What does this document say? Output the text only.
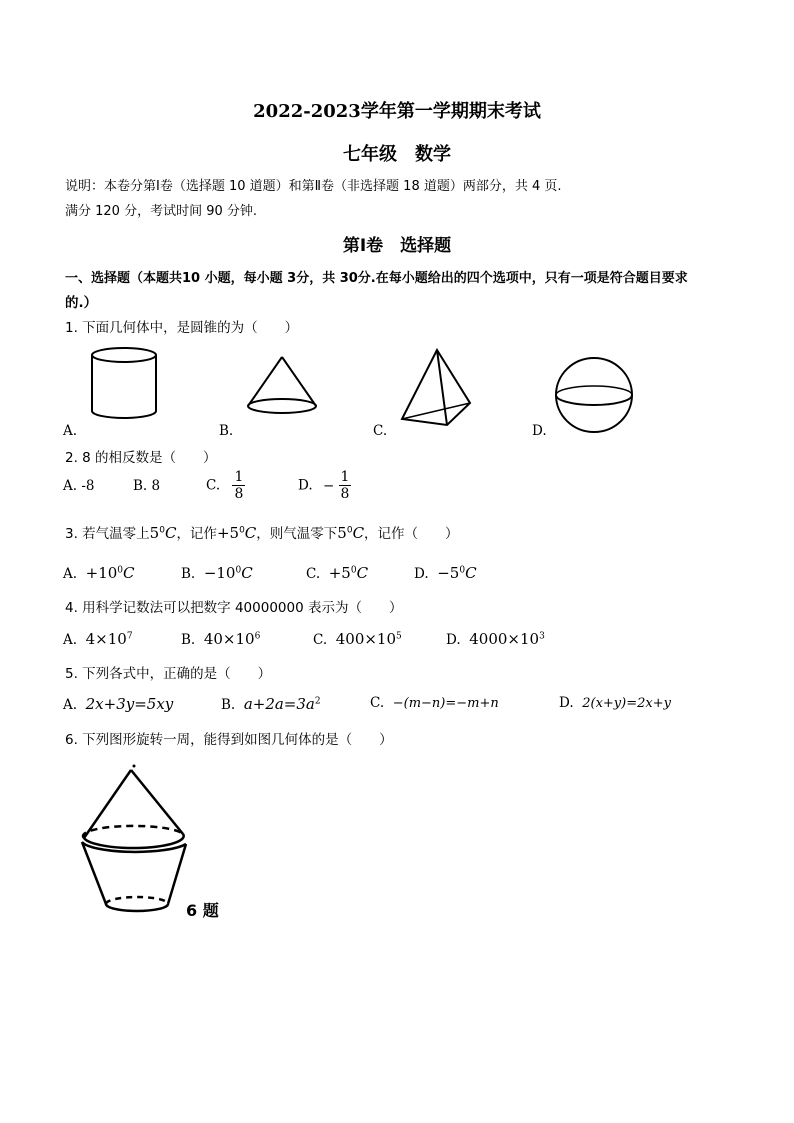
2022-2023学年第一学期期末考试
七年级　数学
说明：本卷分第Ⅰ卷（选择题 10 道题）和第Ⅱ卷（非选择题 18 道题）两部分，共 4 页.
满分 120 分，考试时间 90 分钟.
第Ⅰ卷　选择题
一、选择题（本题共10 小题，每小题 3分，共 30分.在每小题给出的四个选项中，只有一项是符合题目要求
的.）
1. 下面几何体中，是圆锥的为（　　）
A.	B.	C.	D.
2. 8 的相反数是（　　）
A. -8	B. 8	C. $\frac{1}{8}$	D. − $\frac{1}{8}$
3. 若气温零上$5^0C$，记作$+5^0C$，则气温零下$5^0C$，记作（　　）
A. $+10^0C$	B. $-10^0C$	C. $+5^0C$	D. $-5^0C$
4. 用科学记数法可以把数字 40000000 表示为（　　）
A. $4\times 10^7$	B. $40\times 10^6$	C. $400\times 10^5$	D. $4000\times 10^3$
5. 下列各式中，正确的是（　　）
A. 2x+3y=5xy	B. $a+2a=3a^2$	C. −(m−n)=−m+n	D. 2(x+y)=2x+y
6. 下列图形旋转一周，能得到如图几何体的是（　　）
6 题
